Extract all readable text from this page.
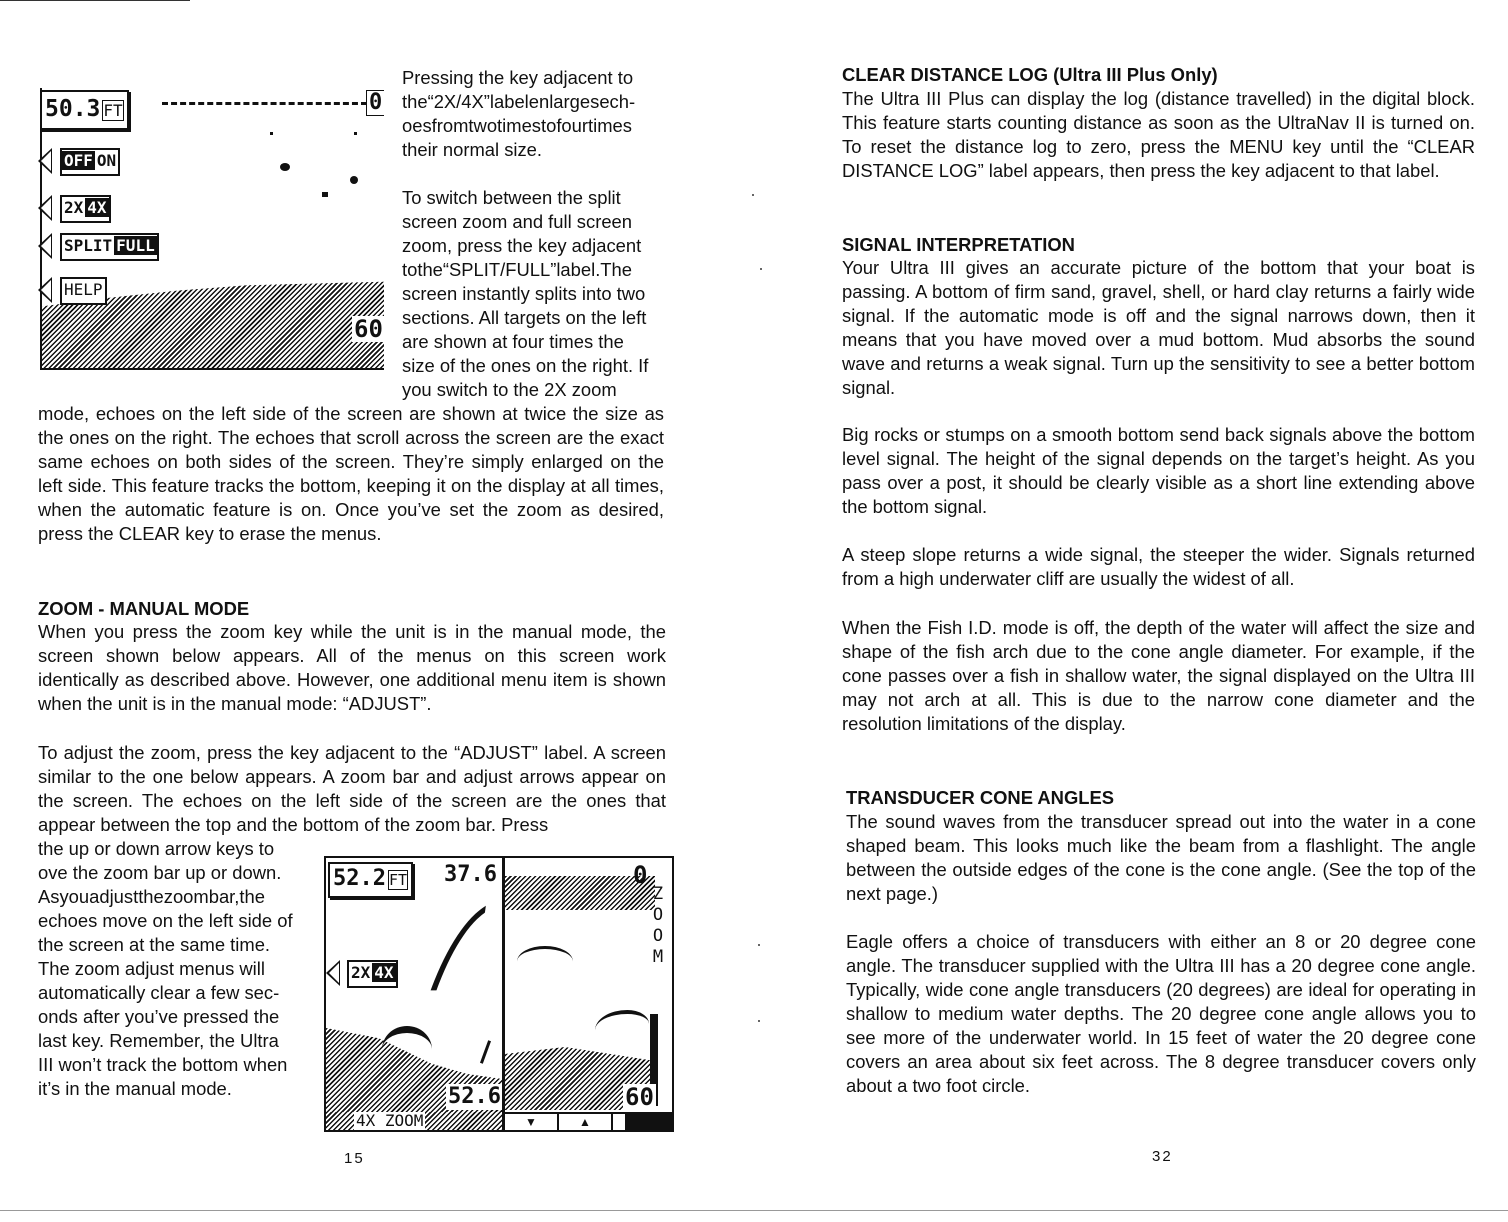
0
60
50.3 FT
OFF ON
2X 4X
SPLIT FULL
HELP

Pressing the key adjacent to

the“2X/4X”labelenlargesech-

oesfromtwotimestofourtimes

their normal size.

To switch between the split

screen zoom and full screen

zoom, press the key adjacent

tothe“SPLIT/FULL”label.The

screen instantly splits into two

sections. All targets on the left

are shown at four times the

size of the ones on the right. If

you switch to the 2X zoom

mode, echoes on the left side of the screen are shown at twice the size as the ones on the right. The echoes that scroll across the screen are the exact same echoes on both sides of the screen. They’re simply enlarged on the left side. This feature tracks the bottom, keeping it on the display at all times, when the automatic feature is on. Once you’ve set the zoom as desired, press the CLEAR key to erase the menus.

ZOOM - MANUAL MODE

When you press the zoom key while the unit is in the manual mode, the screen shown below appears. All of the menus on this screen work identically as described above. However, one additional menu item is shown when the unit is in the manual mode: “ADJUST”.

To adjust the zoom, press the key adjacent to the “ADJUST” label. A screen similar to the one below appears. A zoom bar and adjust arrows appear on the screen. The echoes on the left side of the screen are the ones that appear between the top and the bottom of the zoom bar. Press

the up or down arrow keys to

ove the zoom bar up or down.

Asyouadjustthezoombar,the

echoes move on the left side of

the screen at the same time.

The zoom adjust menus will

automatically clear a few sec-

onds after you’ve pressed the

last key. Remember, the Ultra

III won’t track the bottom when

it’s in the manual mode.	52.6
37.6
4X ZOOM
0
Z
O
O
M
60
▼	▲
52.2 FT
2X 4X
15
CLEAR DISTANCE LOG (Ultra III Plus Only)

The Ultra III Plus can display the log (distance travelled) in the digital block. This feature starts counting distance as soon as the UltraNav II is turned on. To reset the distance log to zero, press the MENU key until the “CLEAR DISTANCE LOG” label appears, then press the key adjacent to that label.

SIGNAL INTERPRETATION

Your Ultra III gives an accurate picture of the bottom that your boat is passing. A bottom of firm sand, gravel, shell, or hard clay returns a fairly wide signal. If the automatic mode is off and the signal narrows down, then it means that you have moved over a mud bottom. Mud absorbs the sound wave and returns a weak signal. Turn up the sensitivity to see a better bottom signal.

Big rocks or stumps on a smooth bottom send back signals above the bottom level signal. The height of the signal depends on the target’s height. As you pass over a post, it should be clearly visible as a short line extending above the bottom signal.

A steep slope returns a wide signal, the steeper the wider. Signals returned from a high underwater cliff are usually the widest of all.

When the Fish I.D. mode is off, the depth of the water will affect the size and shape of the fish arch due to the cone angle diameter. For example, if the cone passes over a fish in shallow water, the signal displayed on the Ultra III may not arch at all. This is due to the narrow cone diameter and the resolution limitations of the display.

TRANSDUCER CONE ANGLES

The sound waves from the transducer spread out into the water in a cone shaped beam. This looks much like the beam from a flashlight. The angle between the outside edges of the cone is the cone angle. (See the top of the next page.)

Eagle offers a choice of transducers with either an 8 or 20 degree cone angle. The transducer supplied with the Ultra III has a 20 degree cone angle. Typically, wide cone angle transducers (20 degrees) are ideal for operating in shallow to medium water depths. The 20 degree cone angle allows you to see more of the underwater world. In 15 feet of water the 20 degree cone covers an area about six feet across. The 8 degree transducer covers only about a two foot circle.

32
